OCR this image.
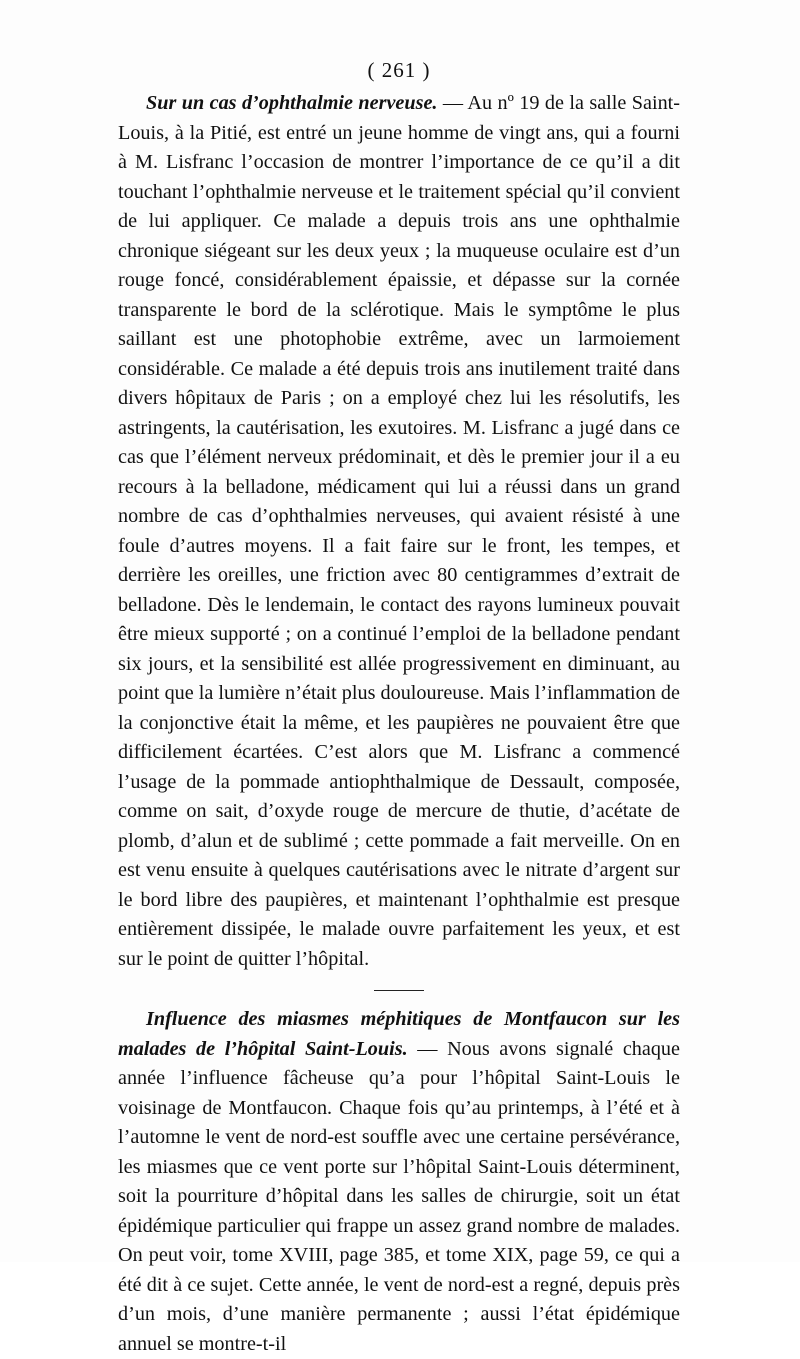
( 261 )

Sur un cas d’ophthalmie nerveuse. — Au nº 19 de la salle Saint-Louis, à la Pitié, est entré un jeune homme de vingt ans, qui a fourni à M. Lisfranc l’occasion de montrer l’importance de ce qu’il a dit touchant l’ophthalmie nerveuse et le traitement spécial qu’il convient de lui appliquer. Ce malade a depuis trois ans une ophthalmie chronique siégeant sur les deux yeux ; la muqueuse oculaire est d’un rouge foncé, considérablement épaissie, et dépasse sur la cornée transparente le bord de la sclérotique. Mais le symptôme le plus saillant est une photophobie extrême, avec un larmoiement considérable. Ce malade a été depuis trois ans inutilement traité dans divers hôpitaux de Paris ; on a employé chez lui les résolutifs, les astringents, la cautérisation, les exutoires. M. Lisfranc a jugé dans ce cas que l’élément nerveux prédominait, et dès le premier jour il a eu recours à la belladone, médicament qui lui a réussi dans un grand nombre de cas d’ophthalmies nerveuses, qui avaient résisté à une foule d’autres moyens. Il a fait faire sur le front, les tempes, et derrière les oreilles, une friction avec 80 centigrammes d’extrait de belladone. Dès le lendemain, le contact des rayons lumineux pouvait être mieux supporté ; on a continué l’emploi de la belladone pendant six jours, et la sensibilité est allée progressivement en diminuant, au point que la lumière n’était plus douloureuse. Mais l’inflammation de la conjonctive était la même, et les paupières ne pouvaient être que difficilement écartées. C’est alors que M. Lisfranc a commencé l’usage de la pommade antiophthalmique de Dessault, composée, comme on sait, d’oxyde rouge de mercure de thutie, d’acétate de plomb, d’alun et de sublimé ; cette pommade a fait merveille. On en est venu ensuite à quelques cautérisations avec le nitrate d’argent sur le bord libre des paupières, et maintenant l’ophthalmie est presque entièrement dissipée, le malade ouvre parfaitement les yeux, et est sur le point de quitter l’hôpital.

Influence des miasmes méphitiques de Montfaucon sur les malades de l’hôpital Saint-Louis. — Nous avons signalé chaque année l’influence fâcheuse qu’a pour l’hôpital Saint-Louis le voisinage de Montfaucon. Chaque fois qu’au printemps, à l’été et à l’automne le vent de nord-est souffle avec une certaine persévérance, les miasmes que ce vent porte sur l’hôpital Saint-Louis déterminent, soit la pourriture d’hôpital dans les salles de chirurgie, soit un état épidémique particulier qui frappe un assez grand nombre de malades. On peut voir, tome XVIII, page 385, et tome XIX, page 59, ce qui a été dit à ce sujet. Cette année, le vent de nord-est a regné, depuis près d’un mois, d’une manière permanente ; aussi l’état épidémique annuel se montre-t-il
